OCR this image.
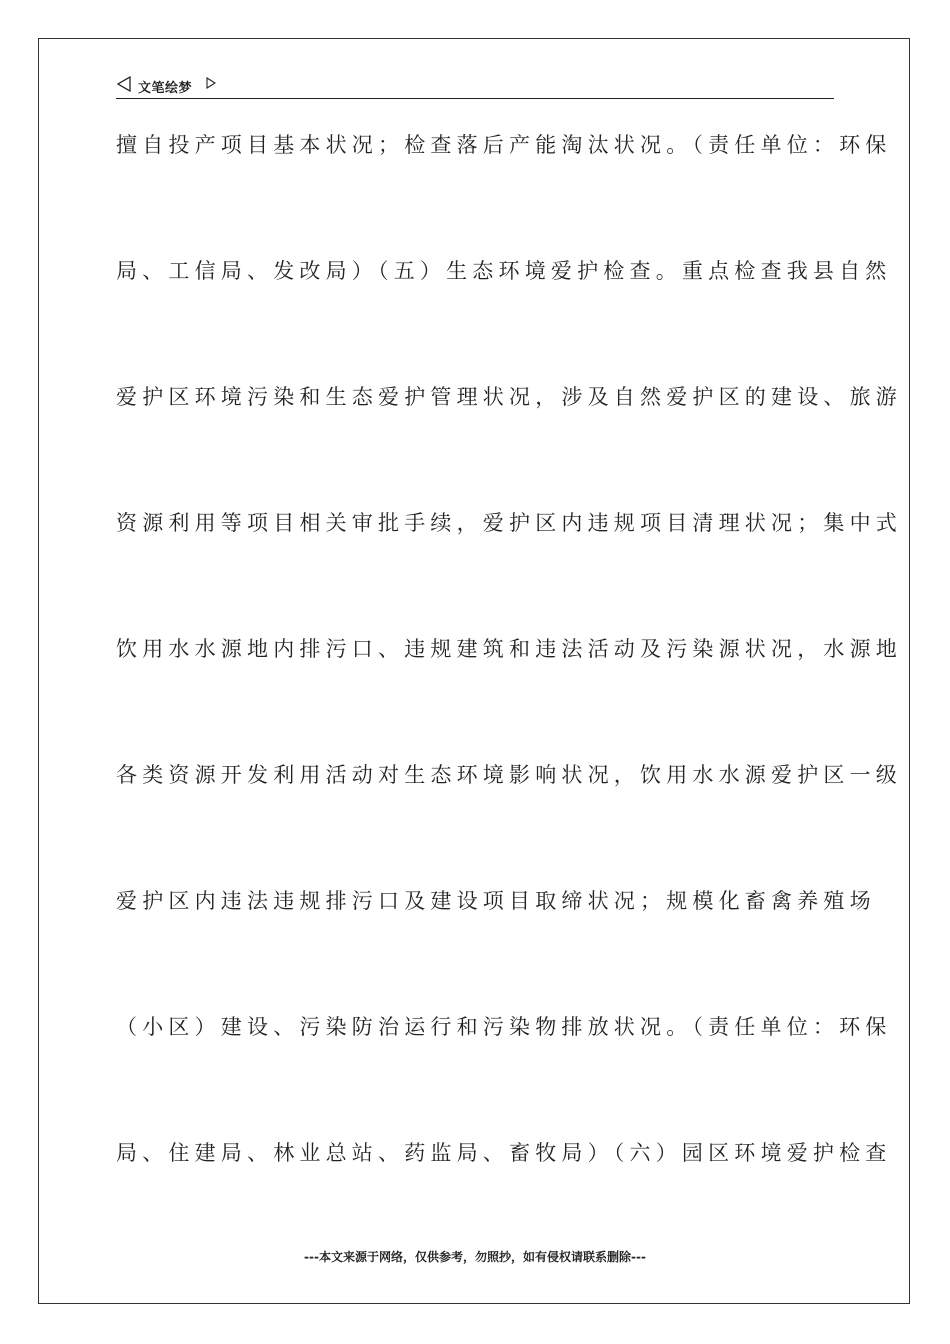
文笔绘梦
擅自投产项目基本状况；检查落后产能淘汰状况。（责任单位：环保
局、工信局、发改局）（五）生态环境爱护检查。重点检查我县自然
爱护区环境污染和生态爱护管理状况，涉及自然爱护区的建设、旅游
资源利用等项目相关审批手续，爱护区内违规项目清理状况；集中式
饮用水水源地内排污口、违规建筑和违法活动及污染源状况，水源地
各类资源开发利用活动对生态环境影响状况，饮用水水源爱护区一级
爱护区内违法违规排污口及建设项目取缔状况；规模化畜禽养殖场
（小区）建设、污染防治运行和污染物排放状况。（责任单位：环保
局、住建局、林业总站、药监局、畜牧局）（六）园区环境爱护检查
---本文来源于网络，仅供参考，勿照抄，如有侵权请联系删除---
